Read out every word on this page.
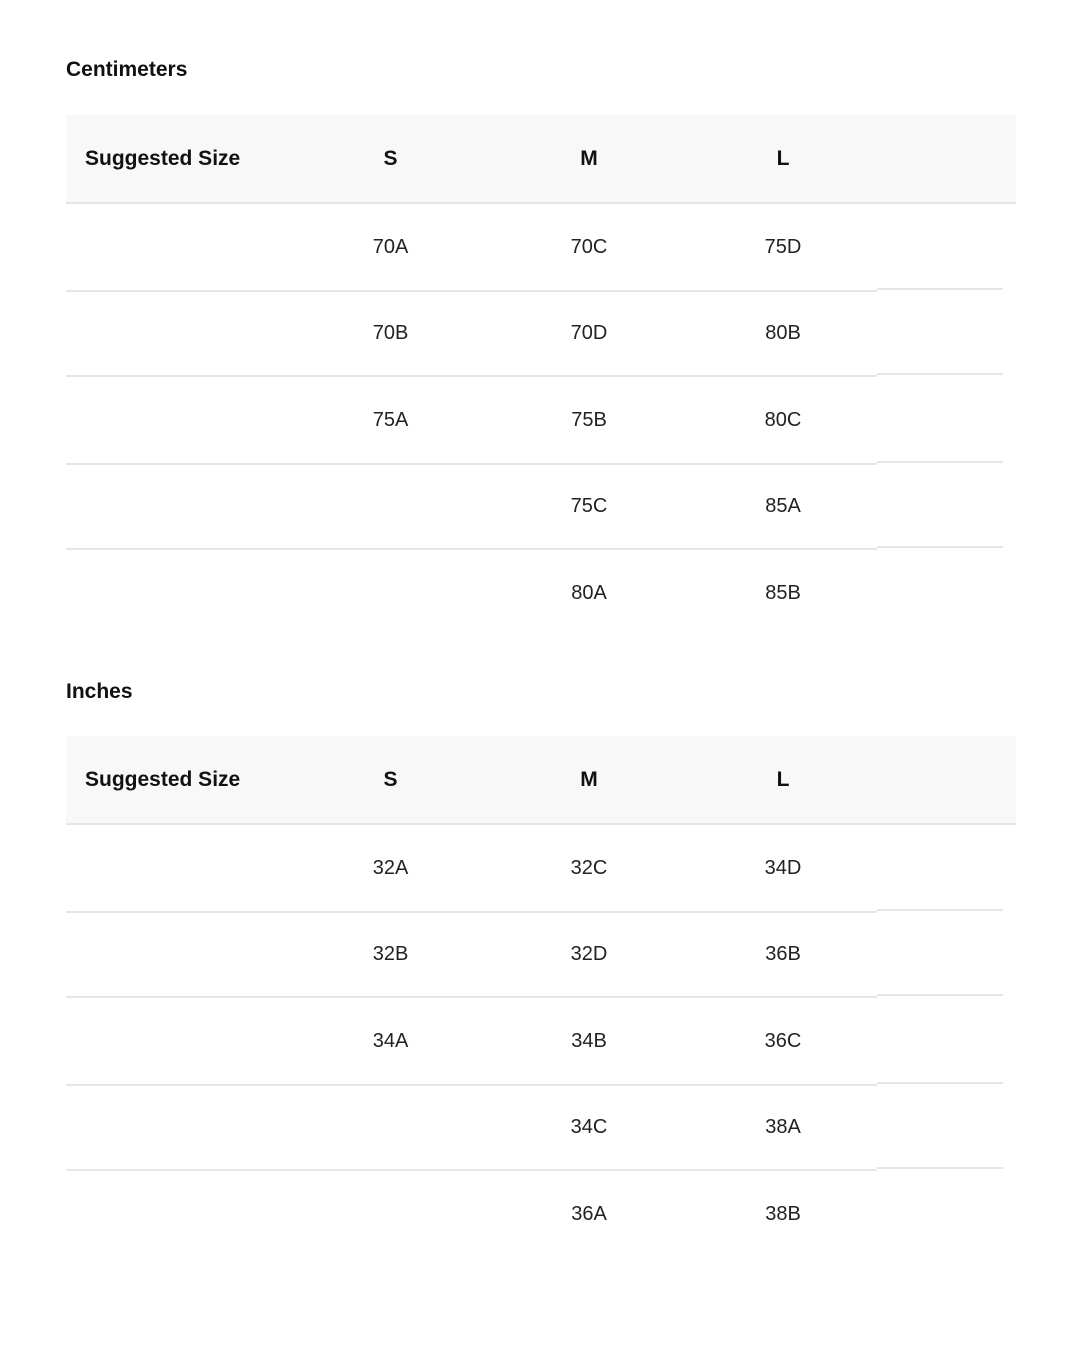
Centimeters
Suggested Size	S	M	L	
	70A	70C	75D	
	70B	70D	80B	
	75A	75B	80C	
		75C	85A	
		80A	85B	
Inches
Suggested Size	S	M	L	
	32A	32C	34D	
	32B	32D	36B	
	34A	34B	36C	
		34C	38A	
		36A	38B	
